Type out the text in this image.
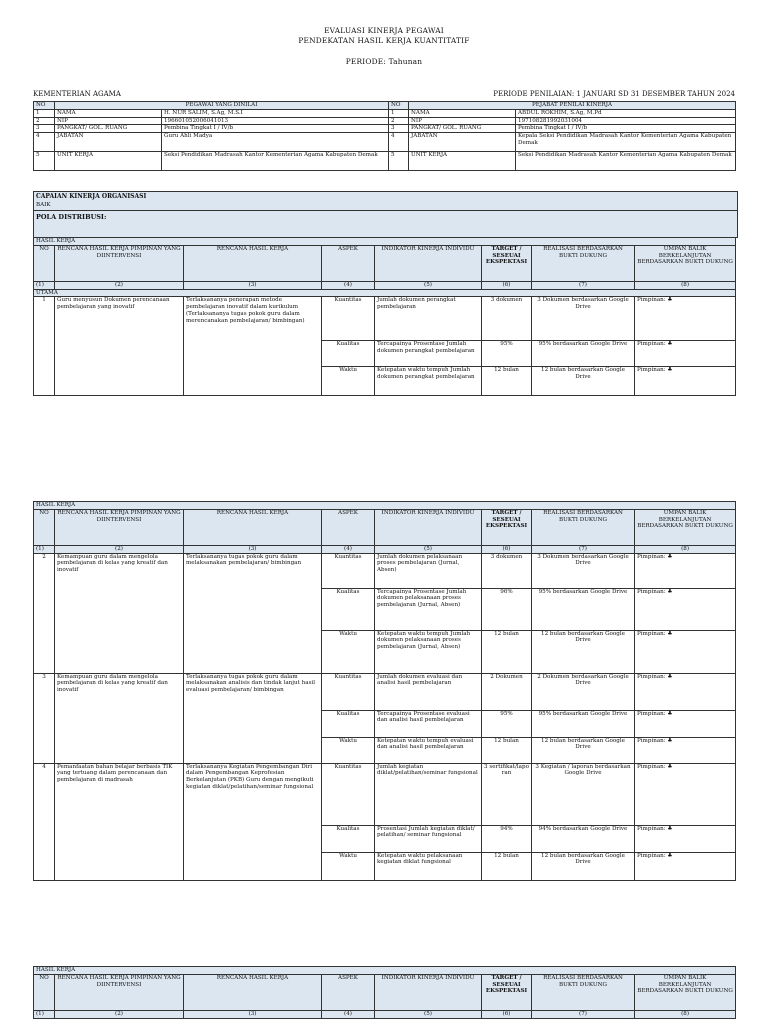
EVALUASI KINERJA PEGAWAI
PENDEKATAN HASIL KERJA KUANTITATIF
PERIODE: Tahunan
KEMENTERIAN AGAMA	PERIODE PENILAIAN: 1 JANUARI SD 31 DESEMBER TAHUN 2024
NO	PEGAWAI YANG DINILAI		NO	PEJABAT PENILAI KINERJA	
1	NAMA	H. NUR SALIM, S.Ag, M.S.I	1	NAMA	ABDUL ROKHIM, S.Ag, M.Pd
2	NIP	196601052006041013	2	NIP	197108281992031004
3	PANGKAT/ GOL. RUANG	Pembina Tingkat I / IV/b	3	PANGKAT/ GOL. RUANG	Pembina Tingkat I / IV/b
4	JABATAN	Guru Ahli Madya	4	JABATAN	Kepala Seksi Pendidikan Madrasah Kantor Kementerian Agama Kabupaten Demak
5	UNIT KERJA	Seksi Pendidikan Madrasah Kantor Kementerian Agama Kabupaten Demak	5	UNIT KERJA	Seksi Pendidikan Madrasah Kantor Kementerian Agama Kabupaten Demak
CAPAIAN KINERJA ORGANISASI
BAIK
POLA DISTRIBUSI:
HASIL KERJA							
NO	RENCANA HASIL KERJA PIMPINAN YANG DIINTERVENSI	RENCANA HASIL KERJA	ASPEK	INDIKATOR KINERJA INDIVIDU	TARGET / SESEUAI EKSPEKTASI	REALISASI BERDASARKAN BUKTI DUKUNG	UMPAN BALIK BERKELANJUTAN BERDASARKAN BUKTI DUKUNG
(1)	(2)	(3)	(4)	(5)	(6)	(7)	(8)
UTAMA							
1	Guru menyusun Dokumen perencanaan pembelajaran yang inovatif	Terlaksananya penerapan metode pembelajaran inovatif dalam kurikulum (Terlaksananya tugas pokok guru dalam merencanakan pembelajaran/ bimbingan)	Kuantitas	Jumlah dokumen perangkat pembelajaran	3 dokumen	3 Dokumen berdasarkan Google Drive	Pimpinan: ♣
			Kualitas	Tercapainya Prosentase Jumlah dokumen perangkat pembelajaran	95%	95% berdasarkan Google Drive	Pimpinan: ♣
			Waktu	Ketepatan waktu tempuh Jumlah dokumen perangkat pembelajaran	12 bulan	12 bulan berdasarkan Google Drive	Pimpinan: ♣
HASIL KERJA							
NO	RENCANA HASIL KERJA PIMPINAN YANG DIINTERVENSI	RENCANA HASIL KERJA	ASPEK	INDIKATOR KINERJA INDIVIDU	TARGET / SESEUAI EKSPEKTASI	REALISASI BERDASARKAN BUKTI DUKUNG	UMPAN BALIK BERKELANJUTAN BERDASARKAN BUKTI DUKUNG
(1)	(2)	(3)	(4)	(5)	(6)	(7)	(8)
2	Kemampuan guru dalam mengelola pembelajaran di kelas yang kreatif dan inovatif	Terlaksananya tugas pokok guru dalam melaksanakan pembelajaran/ bimbingan	Kuantitas	Jumlah dokumen pelaksanaan proses pembelajaran (Jurnal, Absen)	3 dokumen	3 Dokumen berdasarkan Google Drive	Pimpinan: ♣
			Kualitas	Tercapainya Prosentase Jumlah dokumen pelaksanaan proses pembelajaran (Jurnal, Absen)	96%	95% berdasarkan Google Drive	Pimpinan: ♣
			Waktu	Ketepatan waktu tempuh Jumlah dokumen pelaksanaan proses pembelajaran (Jurnal, Absen)	12 bulan	12 bulan berdasarkan Google Drive	Pimpinan: ♣
3	Kemampuan guru dalam mengelola pembelajaran di kelas yang kreatif dan inovatif	Terlaksananya tugas pokok guru dalam melaksanakan analisis dan tindak lanjut hasil evaluasi pembelajaran/ bimbingan	Kuantitas	Jumlah dokumen evaluasi dan analisi hasil pembelajaran	2 Dokumen	2 Dokumen berdasarkan Google Drive	Pimpinan: ♣
			Kualitas	Tercapainya Prosentase evaluasi dan analisi hasil pembelajaran	95%	95% berdasarkan Google Drive	Pimpinan: ♣
			Waktu	Ketepatan waktu tempuh evaluasi dan analisi hasil pembelajaran	12 bulan	12 bulan berdasarkan Google Drive	Pimpinan: ♣
4	Pemanfaatan bahan belajar berbasis TIK yang tertuang dalam perencanaan dan pembelajaran di madrasah	Terlaksananya Kegiatan Pengembangan Diri dalam Pengembangan Keprofesian Berkelanjutan (PKB) Guru dengan mengikuti kegiatan diklat/pelatihan/seminar fungsional	Kuantitas	Jumlah kegiatan diklat/pelatihan/seminar fungsional	3 sertifikat/lapo ran	3 Kegiatan / laporan berdasarkan Google Drive	Pimpinan: ♣
			Kualitas	Prosentasi Jumlah kegiatan diklat/ pelatihan/ seminar fungsional	94%	94% berdasarkan Google Drive	Pimpinan: ♣
			Waktu	Ketepatan waktu pelaksanaan kegiatan diklat fungsional	12 bulan	12 bulan berdasarkan Google Drive	Pimpinan: ♣
HASIL KERJA							
NO	RENCANA HASIL KERJA PIMPINAN YANG DIINTERVENSI	RENCANA HASIL KERJA	ASPEK	INDIKATOR KINERJA INDIVIDU	TARGET / SESEUAI EKSPEKTASI	REALISASI BERDASARKAN BUKTI DUKUNG	UMPAN BALIK BERKELANJUTAN BERDASARKAN BUKTI DUKUNG
(1)	(2)	(3)	(4)	(5)	(6)	(7)	(8)
